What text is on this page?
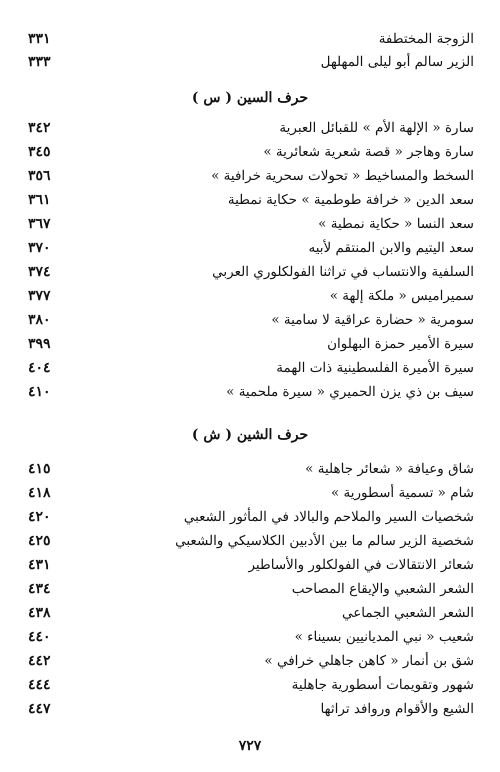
الزوجة المختطفة
٣٣١
الزير سالم أبو ليلى المهلهل
٣٣٣
حرف السين ( س )
سارة « الإلهة الأم » للقبائل العبرية
٣٤٢
سارة وهاجر « قصة شعرية شعائرية »
٣٤٥
السخط والمساخيط « تحولات سحرية خرافية »
٣٥٦
سعد الدين « خرافة طوطمية » حكاية نمطية
٣٦١
سعد النسا « حكاية نمطية »
٣٦٧
سعد اليتيم والابن المنتقم لأبيه
٣٧٠
السلفية والانتساب في تراثنا الفولكلوري العربي
٣٧٤
سميراميس « ملكة إلهة »
٣٧٧
سومرية « حضارة عراقية لا سامية »
٣٨٠
سيرة الأمير حمزة البهلوان
٣٩٩
سيرة الأميرة الفلسطينية ذات الهمة
٤٠٤
سيف بن ذي يزن الحميري « سيرة ملحمية »
٤١٠
حرف الشين ( ش )
شاق وعيافة « شعائر جاهلية »
٤١٥
شام « تسمية أسطورية »
٤١٨
شخصيات السير والملاحم والبالاد في المأثور الشعبي
٤٢٠
شخصية الزير سالم ما بين الأدبين الكلاسيكي والشعبي
٤٢٥
شعائر الانتقالات في الفولكلور والأساطير
٤٣١
الشعر الشعبي والإيقاع المصاحب
٤٣٤
الشعر الشعبي الجماعي
٤٣٨
شعيب « نبي المديانيين بسيناء »
٤٤٠
شق بن أنمار « كاهن جاهلي خرافي »
٤٤٢
شهور وتقويمات أسطورية جاهلية
٤٤٤
الشيع والأقوام وروافد تراثها
٤٤٧
٧٢٧
